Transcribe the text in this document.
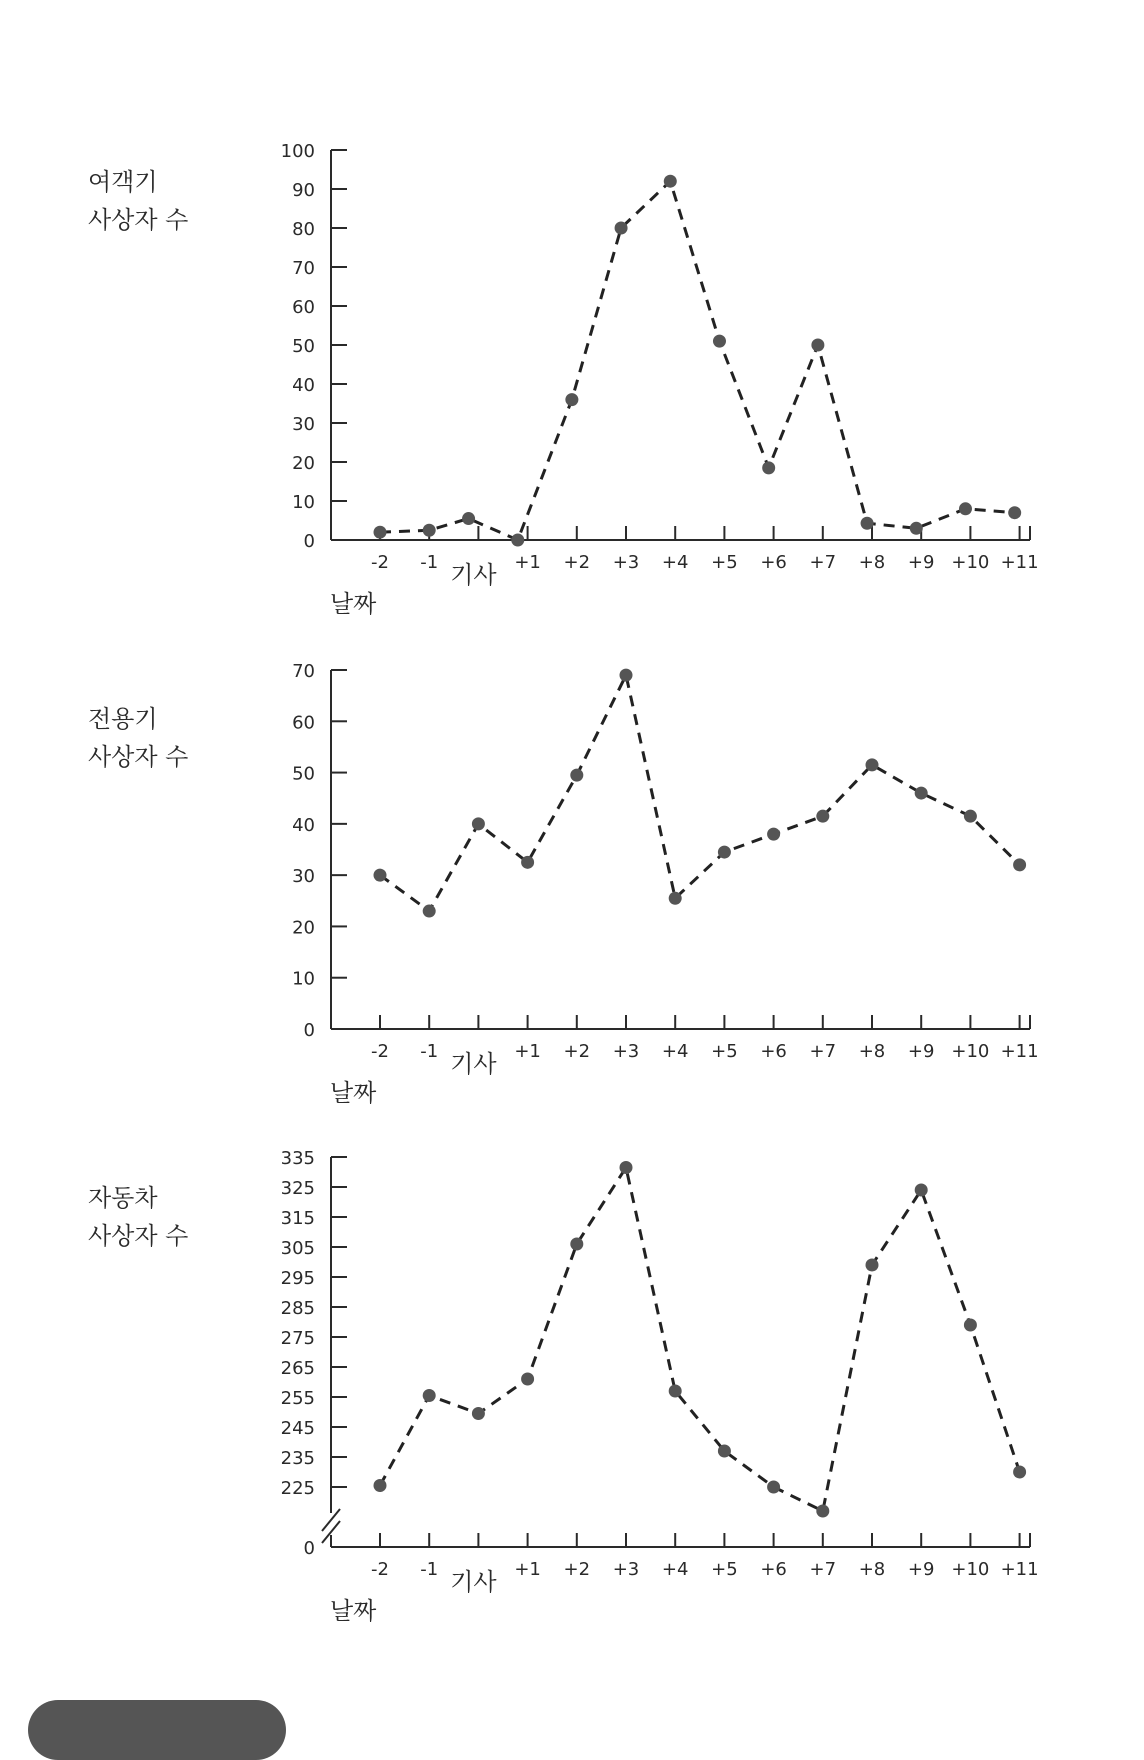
여객기
사상자 수
0
10
20
30
40
50
60
70
80
90
100
-2 -1 기사 +1 +2 +3 +4 +5 +6 +7 +8 +9 +10 +11
날짜
전용기
사상자 수
0
10
20
30
40
50
60
70
-2 -1 기사 +1 +2 +3 +4 +5 +6 +7 +8 +9 +10 +11
날짜
자동차
사상자 수
0
225
235
245
255
265
275
285
295
305
315
325
335
-2 -1 기사 +1 +2 +3 +4 +5 +6 +7 +8 +9 +10 +11
날짜
